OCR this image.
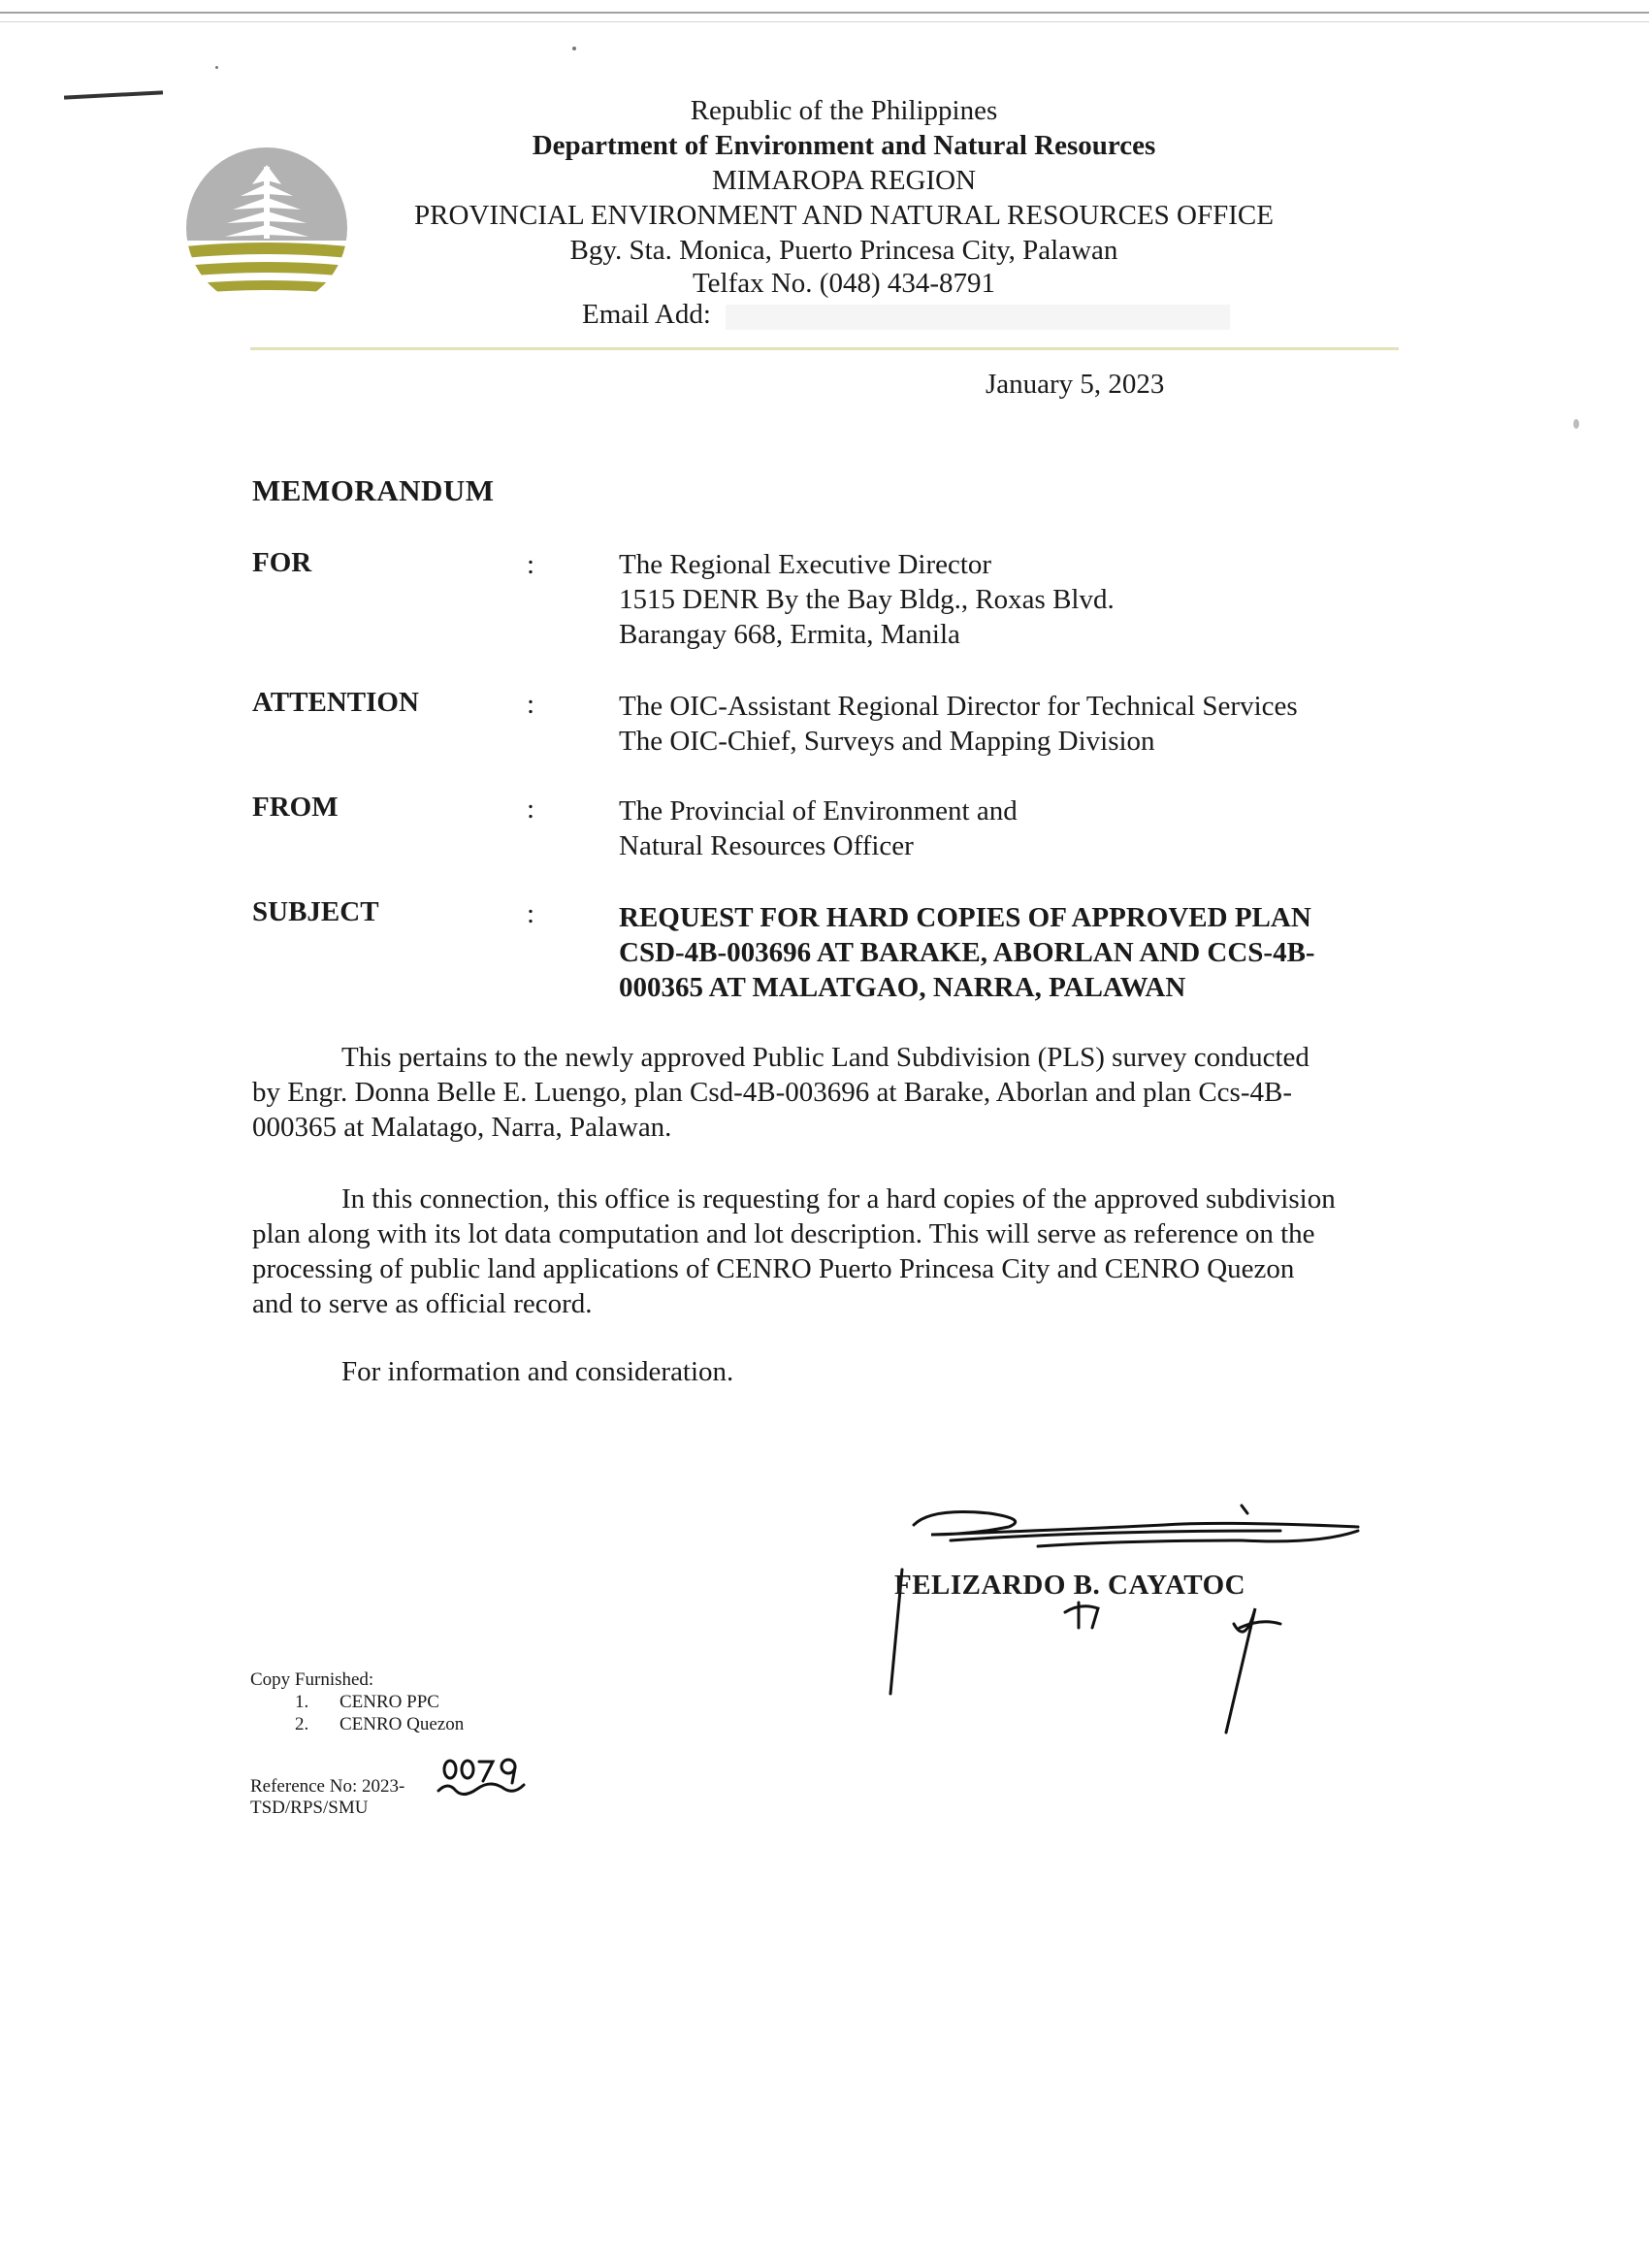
Republic of the Philippines
Department of Environment and Natural Resources
MIMAROPA REGION
PROVINCIAL ENVIRONMENT AND NATURAL RESOURCES OFFICE
Bgy. Sta. Monica, Puerto Princesa City, Palawan
Telfax No. (048) 434-8791
Email Add:
January 5, 2023
MEMORANDUM
FOR	:	The Regional Executive Director
1515 DENR By the Bay Bldg., Roxas Blvd.
Barangay 668, Ermita, Manila
ATTENTION	:	The OIC-Assistant Regional Director for Technical Services
The OIC-Chief, Surveys and Mapping Division
FROM	:	The Provincial of Environment and
Natural Resources Officer
SUBJECT	:	REQUEST FOR HARD COPIES OF APPROVED PLAN
CSD-4B-003696 AT BARAKE, ABORLAN AND CCS-4B-
000365 AT MALATGAO, NARRA, PALAWAN
This pertains to the newly approved Public Land Subdivision (PLS) survey conducted
by Engr. Donna Belle E. Luengo, plan Csd-4B-003696 at Barake, Aborlan and plan Ccs-4B-
000365 at Malatago, Narra, Palawan.
In this connection, this office is requesting for a hard copies of the approved subdivision
plan along with its lot data computation and lot description. This will serve as reference on the
processing of public land applications of CENRO Puerto Princesa City and CENRO Quezon
and to serve as official record.
For information and consideration.
FELIZARDO B. CAYATOC
Copy Furnished:
1. CENRO PPC
2. CENRO Quezon
Reference No: 2023-
TSD/RPS/SMU
